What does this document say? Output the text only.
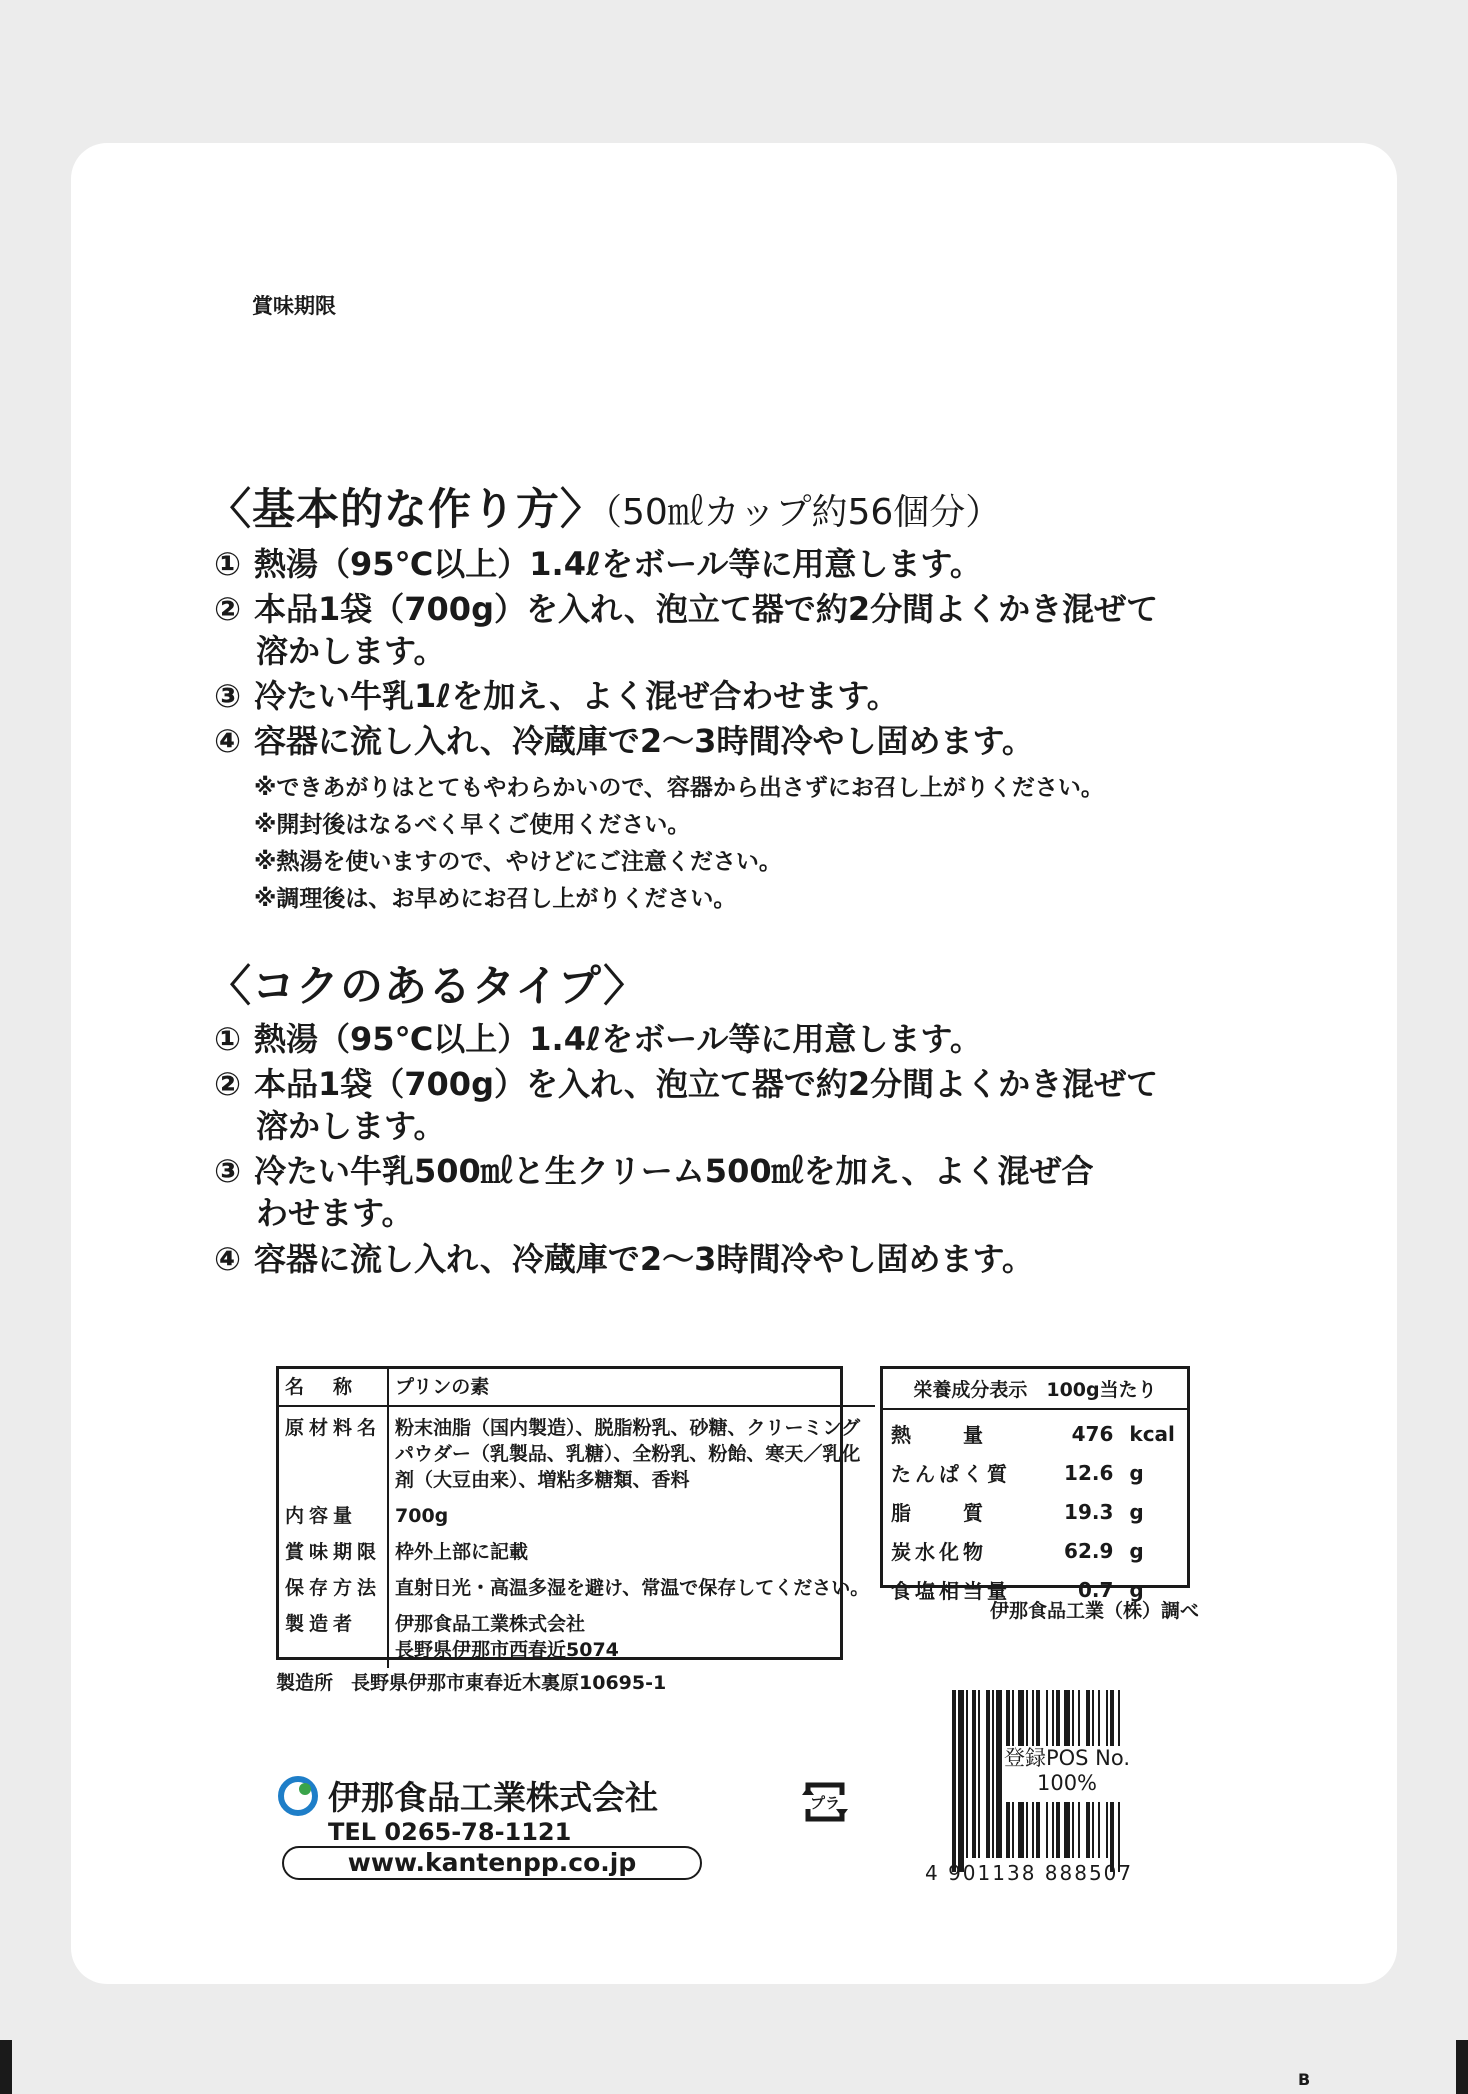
賞味期限
〈基本的な作り方〉（50㎖カップ約56個分）
① 熱湯（95℃以上）1.4ℓをボール等に用意します。
② 本品1袋（700g）を入れ、泡立て器で約2分間よくかき混ぜて
溶かします。
③ 冷たい牛乳1ℓを加え、よく混ぜ合わせます。
④ 容器に流し入れ、冷蔵庫で2～3時間冷やし固めます。
※できあがりはとてもやわらかいので、容器から出さずにお召し上がりください。
※開封後はなるべく早くご使用ください。
※熱湯を使いますので、やけどにご注意ください。
※調理後は、お早めにお召し上がりください。
〈コクのあるタイプ〉
① 熱湯（95℃以上）1.4ℓをボール等に用意します。
② 本品1袋（700g）を入れ、泡立て器で約2分間よくかき混ぜて
溶かします。
③ 冷たい牛乳500㎖と生クリーム500㎖を加え、よく混ぜ合
わせます。
④ 容器に流し入れ、冷蔵庫で2～3時間冷やし固めます。
名　称	プリンの素
原材料名	粉末油脂（国内製造）、脱脂粉乳、砂糖、クリーミングパウダー（乳製品、乳糖）、全粉乳、粉飴、寒天／乳化剤（大豆由来）、増粘多糖類、香料
内容量	700g
賞味期限	枠外上部に記載
保存方法	直射日光・高温多湿を避け、常温で保存してください。
製造者	伊那食品工業株式会社
長野県伊那市西春近5074
栄養成分表示　100g当たり
熱　　量	476	kcal
たんぱく質	12.6	g
脂　　質	19.3	g
炭水化物	62.9	g
食塩相当量	0.7	g
伊那食品工業（株）調べ
製造所 長野県伊那市東春近木裏原10695-1
伊那食品工業株式会社
TEL 0265-78-1121
www.kantenpp.co.jp
プラ
登録POS No.
100%
4 901138 888507
B
